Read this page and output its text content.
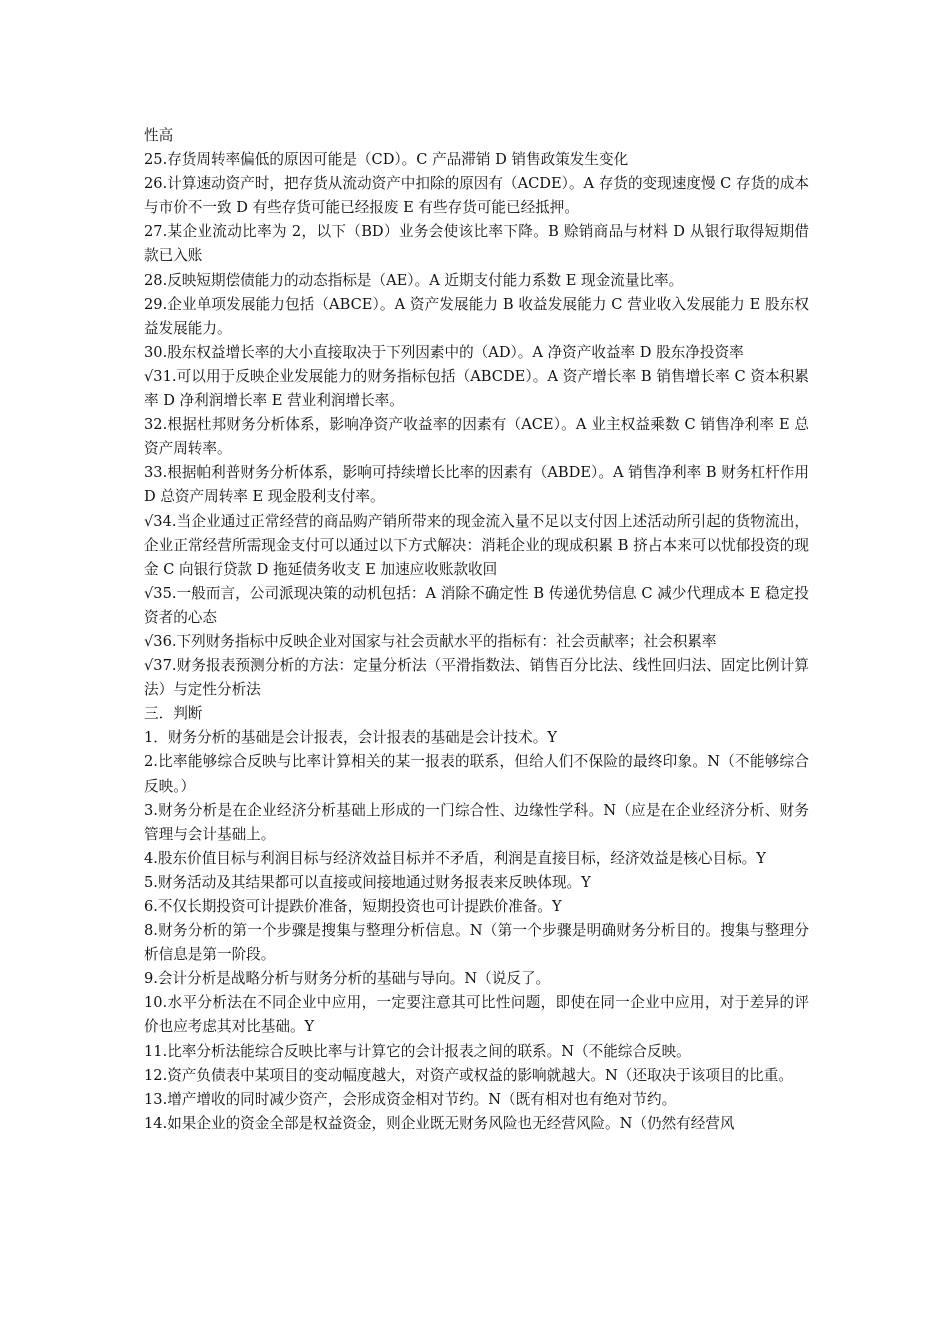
性高

25.存货周转率偏低的原因可能是（CD）。C 产品滞销 D 销售政策发生变化

26.计算速动资产时，把存货从流动资产中扣除的原因有（ACDE）。A 存货的变现速度慢 C 存货的成本与市价不一致 D 有些存货可能已经报废 E 有些存货可能已经抵押。

27.某企业流动比率为 2，以下（BD）业务会使该比率下降。B 赊销商品与材料 D 从银行取得短期借款已入账

28.反映短期偿债能力的动态指标是（AE）。A 近期支付能力系数 E 现金流量比率。

29.企业单项发展能力包括（ABCE）。A 资产发展能力 B 收益发展能力 C 营业收入发展能力 E 股东权益发展能力。

30.股东权益增长率的大小直接取决于下列因素中的（AD）。A 净资产收益率 D 股东净投资率

√31.可以用于反映企业发展能力的财务指标包括（ABCDE）。A 资产增长率 B 销售增长率 C 资本积累率 D 净利润增长率 E 营业利润增长率。

32.根据杜邦财务分析体系，影响净资产收益率的因素有（ACE）。A 业主权益乘数 C 销售净利率 E 总资产周转率。

33.根据帕利普财务分析体系，影响可持续增长比率的因素有（ABDE）。A 销售净利率 B 财务杠杆作用 D 总资产周转率 E 现金股利支付率。

√34.当企业通过正常经营的商品购产销所带来的现金流入量不足以支付因上述活动所引起的货物流出，企业正常经营所需现金支付可以通过以下方式解决：消耗企业的现成积累 B 挤占本来可以忧郁投资的现金 C 向银行贷款 D 拖延债务收支 E 加速应收账款收回

√35.一般而言，公司派现决策的动机包括：A 消除不确定性 B 传递优势信息 C 减少代理成本 E 稳定投资者的心态

√36.下列财务指标中反映企业对国家与社会贡献水平的指标有：社会贡献率；社会积累率

√37.财务报表预测分析的方法：定量分析法（平滑指数法、销售百分比法、线性回归法、固定比例计算法）与定性分析法

三．判断

1．财务分析的基础是会计报表，会计报表的基础是会计技术。Y

2.比率能够综合反映与比率计算相关的某一报表的联系，但给人们不保险的最终印象。N（不能够综合反映。）

3.财务分析是在企业经济分析基础上形成的一门综合性、边缘性学科。N（应是在企业经济分析、财务管理与会计基础上。

4.股东价值目标与利润目标与经济效益目标并不矛盾，利润是直接目标，经济效益是核心目标。Y

5.财务活动及其结果都可以直接或间接地通过财务报表来反映体现。Y

6.不仅长期投资可计提跌价准备，短期投资也可计提跌价准备。Y

8.财务分析的第一个步骤是搜集与整理分析信息。N（第一个步骤是明确财务分析目的。搜集与整理分析信息是第一阶段。

9.会计分析是战略分析与财务分析的基础与导向。N（说反了。

10.水平分析法在不同企业中应用，一定要注意其可比性问题，即使在同一企业中应用，对于差异的评价也应考虑其对比基础。Y

11.比率分析法能综合反映比率与计算它的会计报表之间的联系。N（不能综合反映。

12.资产负债表中某项目的变动幅度越大，对资产或权益的影响就越大。N（还取决于该项目的比重。

13.增产增收的同时减少资产，会形成资金相对节约。N（既有相对也有绝对节约。

14.如果企业的资金全部是权益资金，则企业既无财务风险也无经营风险。N（仍然有经营风
